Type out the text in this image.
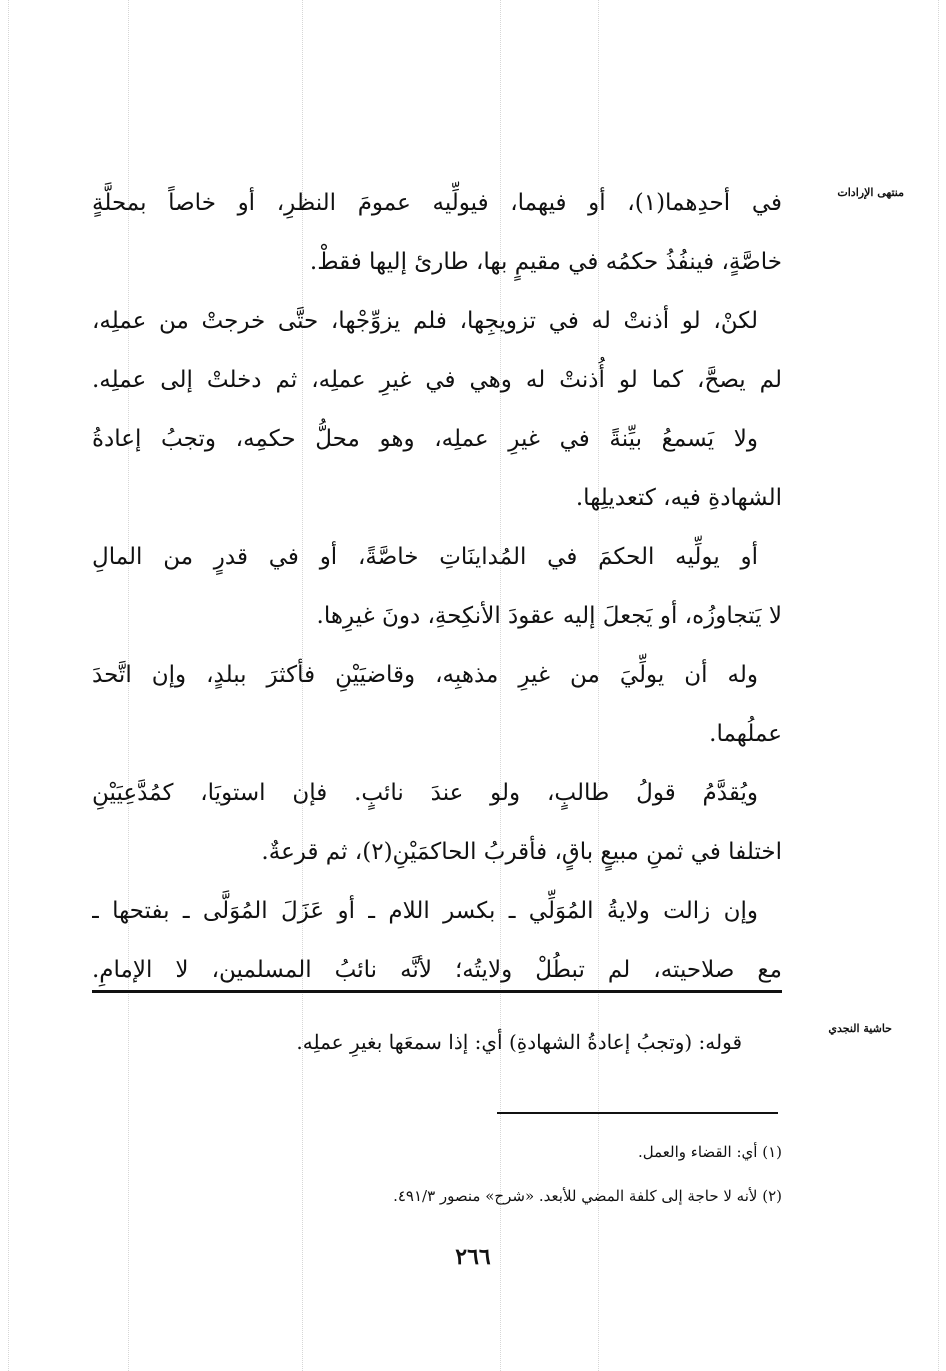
منتهى الإرادات
حاشية النجدي
في أحدِهما(١)، أو فيهما، فيولِّيه عمومَ النظرِ، أو خاصاً بمحلَّةٍ
خاصَّةٍ، فينفُذُ حكمُه في مقيمٍ بها، طارئ إليها فقطْ.
لكنْ، لو أذنتْ له في تزويجِها، فلم يزوِّجْها، حتَّى خرجتْ من عملِه،
لم يصحَّ، كما لو أُذنتْ له وهي في غيرِ عملِه، ثم دخلتْ إلى عملِه.
ولا يَسمعُ بيِّنةً في غيرِ عملِه، وهو محلُّ حكمِه، وتجبُ إعادةُ
الشهادةِ فيه، كتعديلِها.
أو يولِّيه الحكمَ في المُداينَاتِ خاصَّةً، أو في قدرٍ من المالِ
لا يَتجاوزُه، أو يَجعلَ إليه عقودَ الأنكِحةِ، دونَ غيرِها.
وله أن يولِّيَ من غيرِ مذهبِه، وقاضيَيْنِ فأكثرَ ببلدٍ، وإن اتَّحدَ
عملُهما.
ويُقدَّمُ قولُ طالبٍ، ولو عندَ نائبٍ. فإن استويَا، كمُدَّعِيَيْنِ
اختلفا في ثمنِ مبيعٍ باقٍ، فأقربُ الحاكمَيْنِ(٢)، ثم قرعةٌ.
وإن زالت ولايةُ المُوَلِّي ـ بكسر اللام ـ أو عَزَلَ المُوَلَّى ـ بفتحها ـ
مع صلاحيته، لم تبطُلْ ولايتُه؛ لأنَّه نائبُ المسلمين، لا الإمامِ.
قوله: (وتجبُ إعادةُ الشهادةِ) أي: إذا سمعَها بغيرِ عملِه.
(١) أي: القضاء والعمل.
(٢) لأنه لا حاجة إلى كلفة المضي للأبعد. «شرح» منصور ٤٩١/٣.
٢٦٦
